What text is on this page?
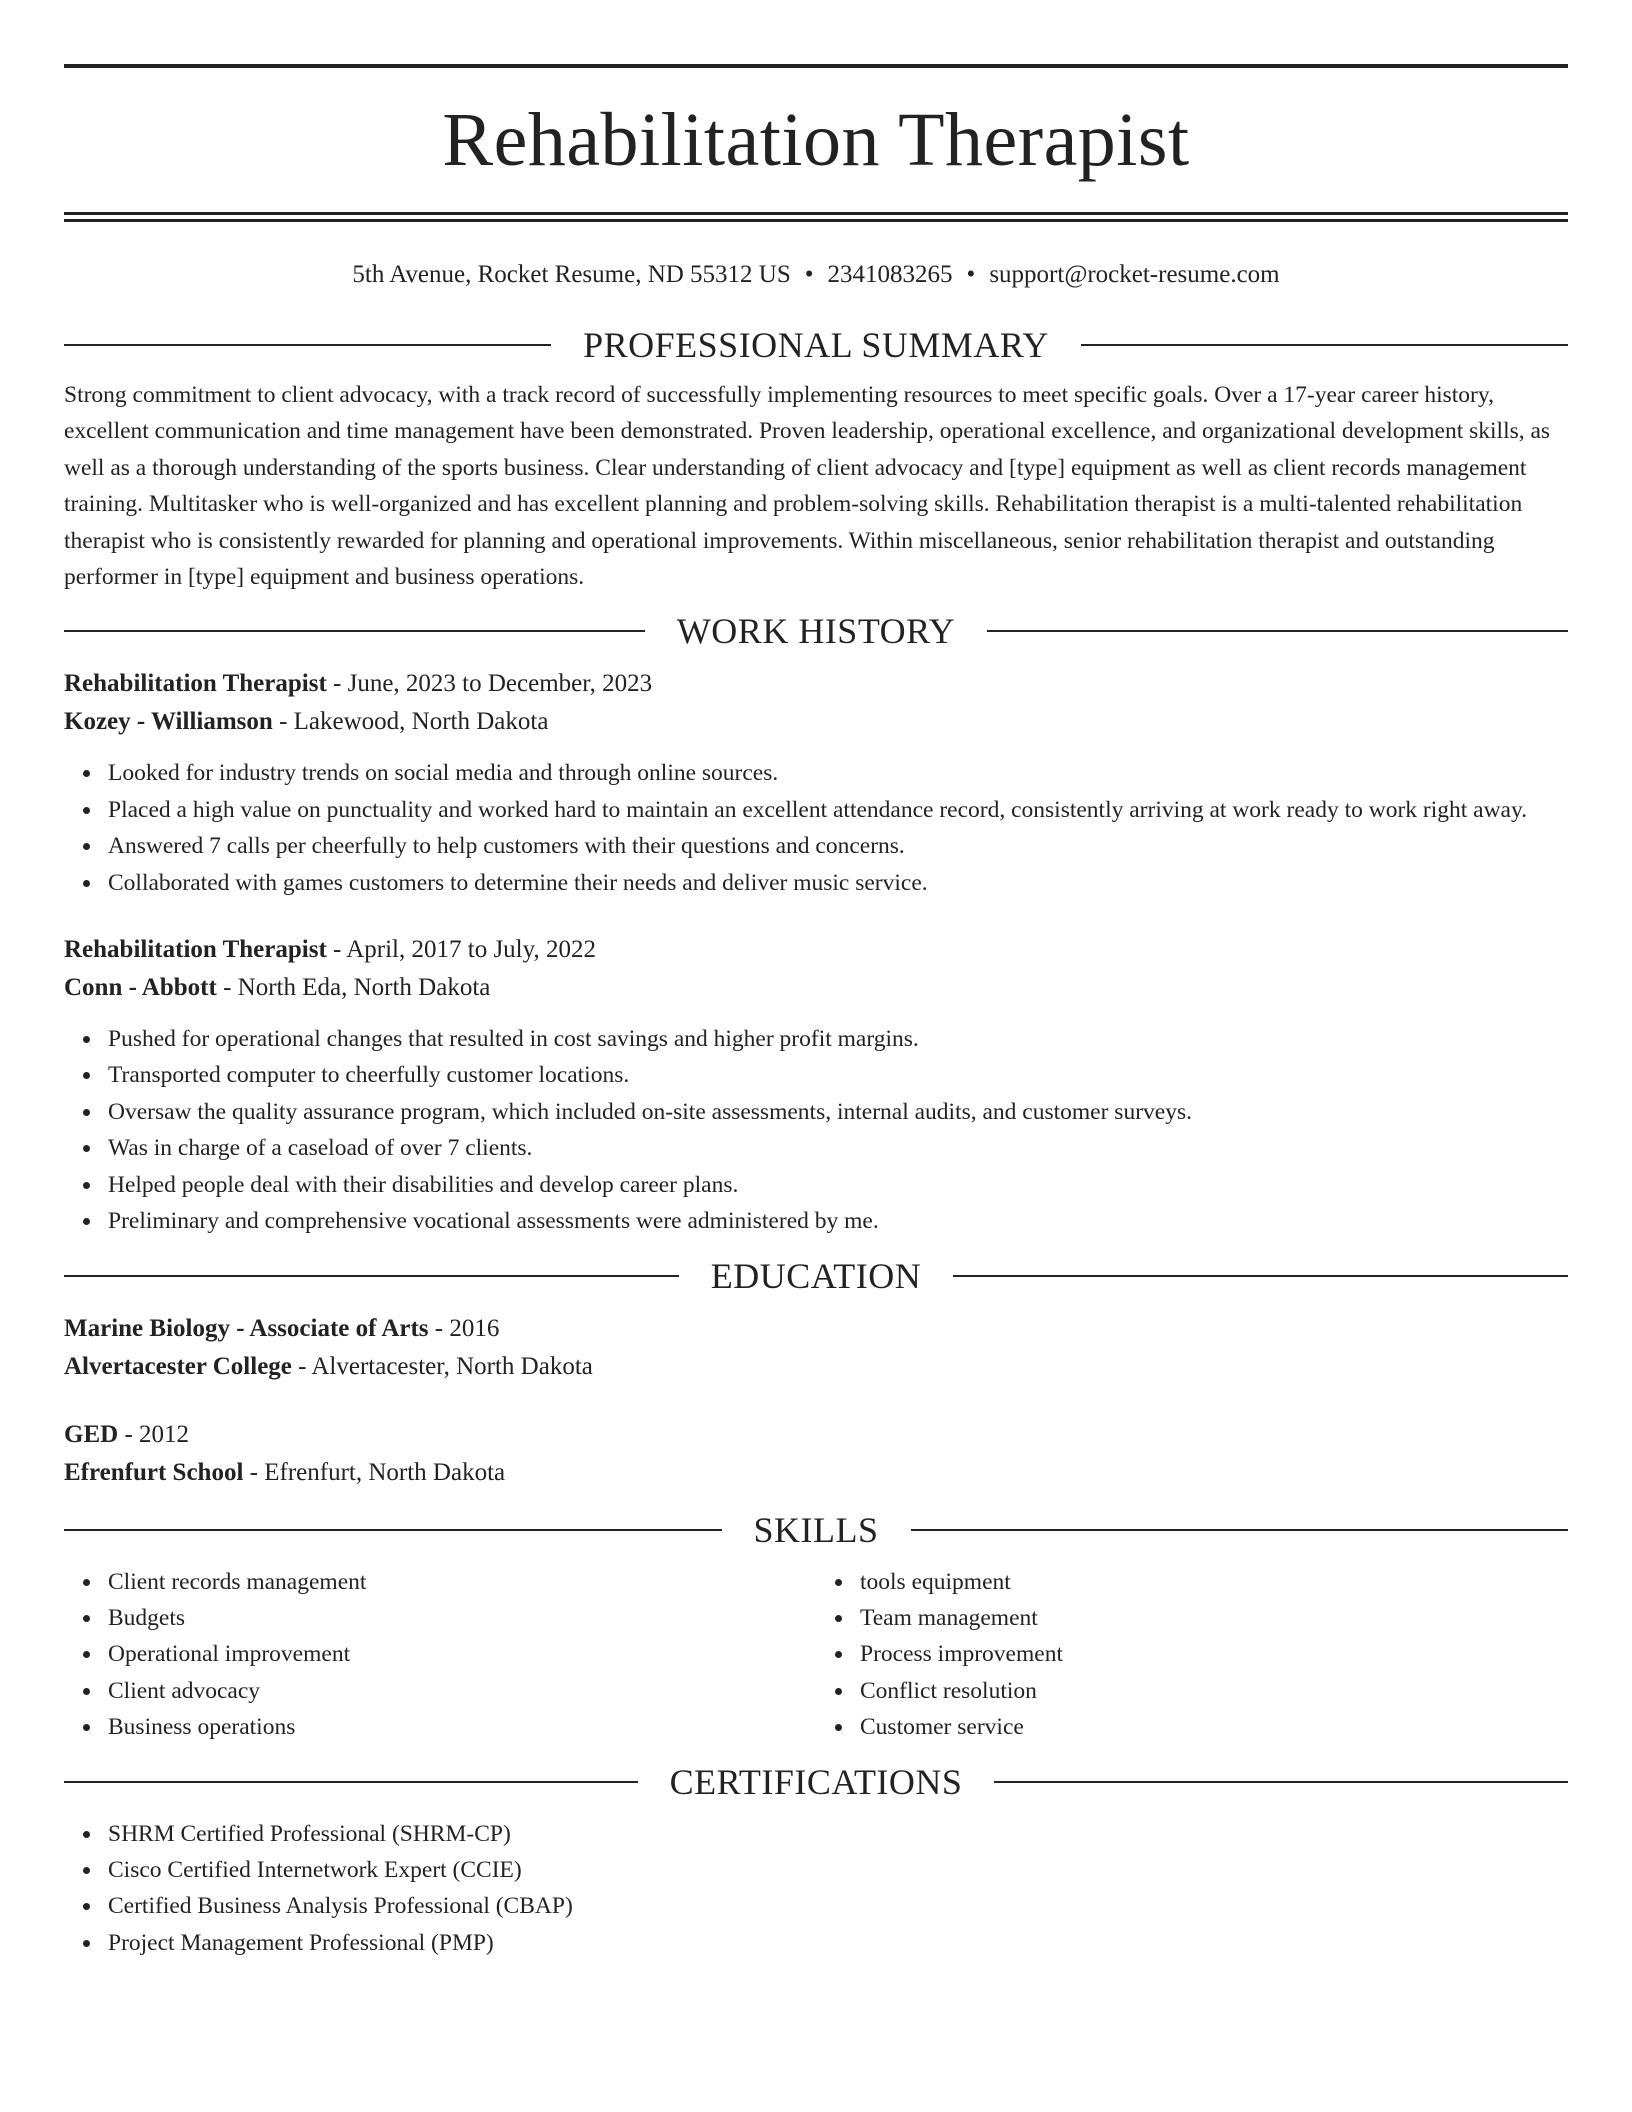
Rehabilitation Therapist
5th Avenue, Rocket Resume, ND 55312 US • 2341083265 • support@rocket-resume.com
PROFESSIONAL SUMMARY

Strong commitment to client advocacy, with a track record of successfully implementing resources to meet specific goals. Over a 17-year career history, excellent communication and time management have been demonstrated. Proven leadership, operational excellence, and organizational development skills, as well as a thorough understanding of the sports business. Clear understanding of client advocacy and [type] equipment as well as client records management training. Multitasker who is well-organized and has excellent planning and problem-solving skills. Rehabilitation therapist is a multi-talented rehabilitation therapist who is consistently rewarded for planning and operational improvements. Within miscellaneous, senior rehabilitation therapist and outstanding performer in [type] equipment and business operations.

WORK HISTORY
Rehabilitation Therapist - June, 2023 to December, 2023
Kozey - Williamson - Lakewood, North Dakota
Looked for industry trends on social media and through online sources.
Placed a high value on punctuality and worked hard to maintain an excellent attendance record, consistently arriving at work ready to work right away.
Answered 7 calls per cheerfully to help customers with their questions and concerns.
Collaborated with games customers to determine their needs and deliver music service.
Rehabilitation Therapist - April, 2017 to July, 2022
Conn - Abbott - North Eda, North Dakota
Pushed for operational changes that resulted in cost savings and higher profit margins.
Transported computer to cheerfully customer locations.
Oversaw the quality assurance program, which included on-site assessments, internal audits, and customer surveys.
Was in charge of a caseload of over 7 clients.
Helped people deal with their disabilities and develop career plans.
Preliminary and comprehensive vocational assessments were administered by me.
EDUCATION
Marine Biology - Associate of Arts - 2016
Alvertacester College - Alvertacester, North Dakota
GED - 2012
Efrenfurt School - Efrenfurt, North Dakota
SKILLS
Client records management
Budgets
Operational improvement
Client advocacy
Business operations
tools equipment
Team management
Process improvement
Conflict resolution
Customer service
CERTIFICATIONS
SHRM Certified Professional (SHRM-CP)
Cisco Certified Internetwork Expert (CCIE)
Certified Business Analysis Professional (CBAP)
Project Management Professional (PMP)
